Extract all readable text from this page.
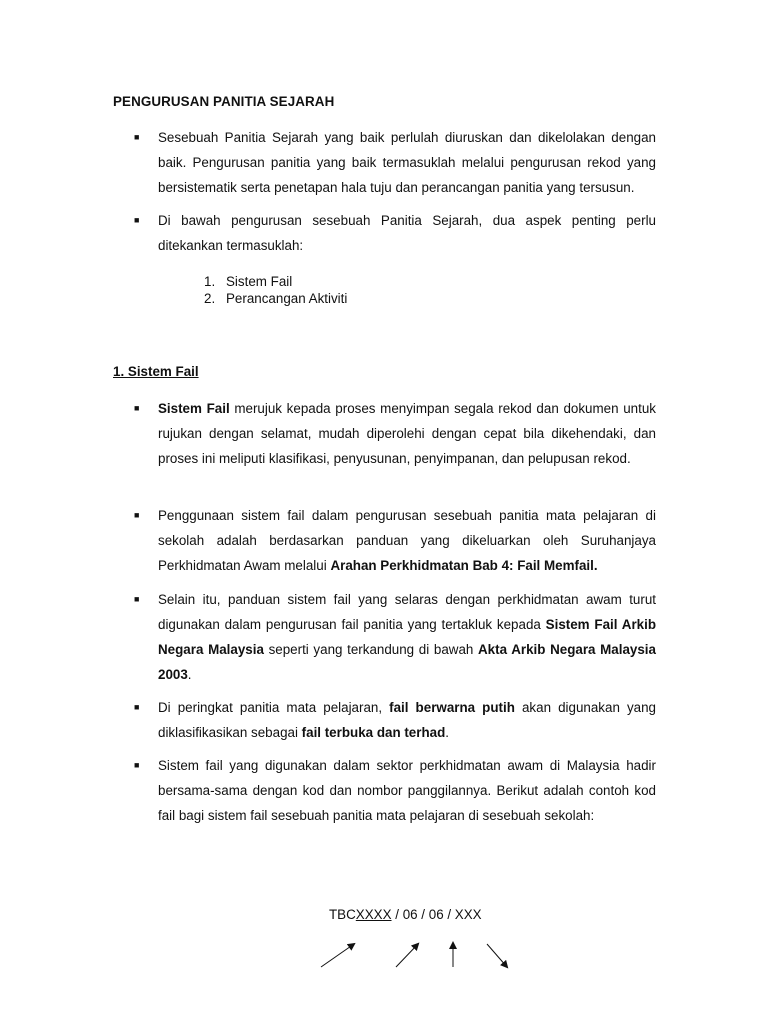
PENGURUSAN PANITIA SEJARAH
■ Sesebuah Panitia Sejarah yang baik perlulah diuruskan dan dikelolakan dengan baik. Pengurusan panitia yang baik termasuklah melalui pengurusan rekod yang bersistematik serta penetapan hala tuju dan perancangan panitia yang tersusun.
■ Di bawah pengurusan sesebuah Panitia Sejarah, dua aspek penting perlu ditekankan termasuklah:
1. Sistem Fail
2. Perancangan Aktiviti
1. Sistem Fail
■ Sistem Fail merujuk kepada proses menyimpan segala rekod dan dokumen untuk rujukan dengan selamat, mudah diperolehi dengan cepat bila dikehendaki, dan proses ini meliputi klasifikasi, penyusunan, penyimpanan, dan pelupusan rekod.
■ Penggunaan sistem fail dalam pengurusan sesebuah panitia mata pelajaran di sekolah adalah berdasarkan panduan yang dikeluarkan oleh Suruhanjaya Perkhidmatan Awam melalui Arahan Perkhidmatan Bab 4: Fail Memfail.
■ Selain itu, panduan sistem fail yang selaras dengan perkhidmatan awam turut digunakan dalam pengurusan fail panitia yang tertakluk kepada Sistem Fail Arkib Negara Malaysia seperti yang terkandung di bawah Akta Arkib Negara Malaysia 2003.
■ Di peringkat panitia mata pelajaran, fail berwarna putih akan digunakan yang diklasifikasikan sebagai fail terbuka dan terhad.
■ Sistem fail yang digunakan dalam sektor perkhidmatan awam di Malaysia hadir bersama-sama dengan kod dan nombor panggilannya. Berikut adalah contoh kod fail bagi sistem fail sesebuah panitia mata pelajaran di sesebuah sekolah:
TBCXXXX / 06 / 06 / XXX
